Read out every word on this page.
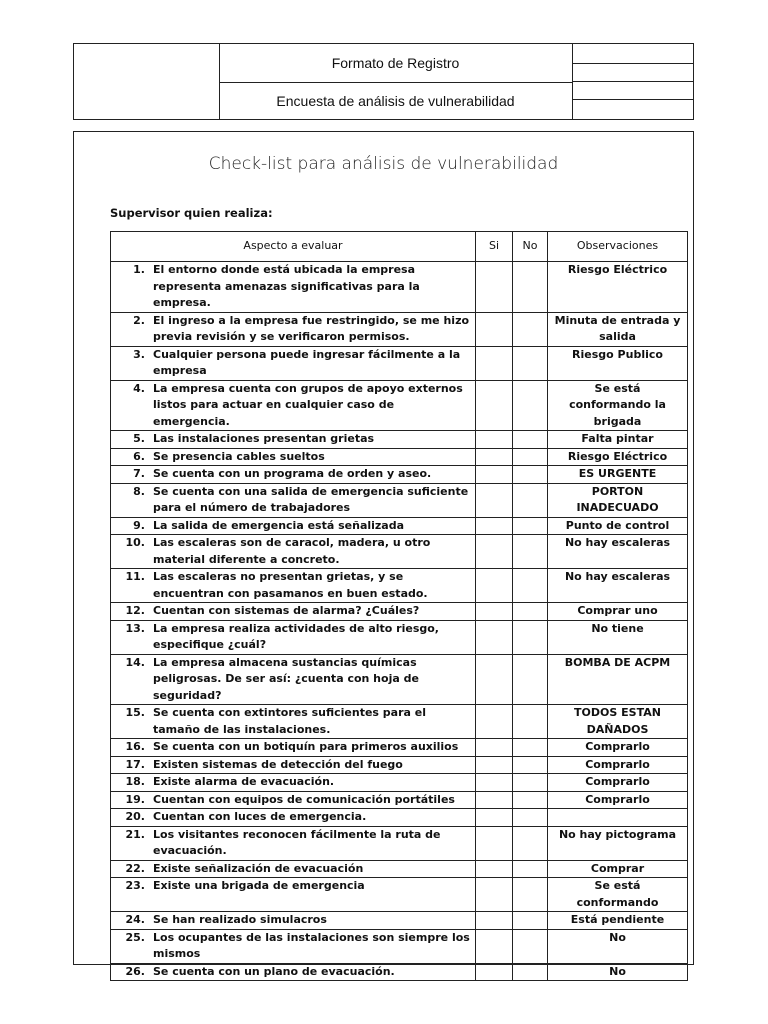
Formato de Registro
Encuesta de análisis de vulnerabilidad
Check-list para análisis de vulnerabilidad
Supervisor quien realiza:
Aspecto a evaluar	Si	No	Observaciones

1. El entorno donde está ubicada la empresa representa amenazas significativas para la empresa.			Riesgo Eléctrico

2. El ingreso a la empresa fue restringido, se me hizo previa revisión y se verificaron permisos.			Minuta de entrada y salida

3. Cualquier persona puede ingresar fácilmente a la empresa			Riesgo Publico

4. La empresa cuenta con grupos de apoyo externos listos para actuar en cualquier caso de emergencia.			Se está conformando la brigada

5. Las instalaciones presentan grietas			Falta pintar

6. Se presencia cables sueltos			Riesgo Eléctrico

7. Se cuenta con un programa de orden y aseo.			ES URGENTE

8. Se cuenta con una salida de emergencia suficiente para el número de trabajadores			PORTON INADECUADO

9. La salida de emergencia está señalizada			Punto de control

10. Las escaleras son de caracol, madera, u otro material diferente a concreto.			No hay escaleras

11. Las escaleras no presentan grietas, y se encuentran con pasamanos en buen estado.			No hay escaleras

12. Cuentan con sistemas de alarma? ¿Cuáles?			Comprar uno

13. La empresa realiza actividades de alto riesgo, especifique ¿cuál?			No tiene

14. La empresa almacena sustancias químicas peligrosas. De ser así: ¿cuenta con hoja de seguridad?			BOMBA DE ACPM

15. Se cuenta con extintores suficientes para el tamaño de las instalaciones.			TODOS ESTAN DAÑADOS

16. Se cuenta con un botiquín para primeros auxilios			Comprarlo

17. Existen sistemas de detección del fuego			Comprarlo

18. Existe alarma de evacuación.			Comprarlo

19. Cuentan con equipos de comunicación portátiles			Comprarlo

20. Cuentan con luces de emergencia.			

21. Los visitantes reconocen fácilmente la ruta de evacuación.			No hay pictograma

22. Existe señalización de evacuación			Comprar

23. Existe una brigada de emergencia			Se está conformando

24. Se han realizado simulacros			Está pendiente

25. Los ocupantes de las instalaciones son siempre los mismos			No

26. Se cuenta con un plano de evacuación.			No
